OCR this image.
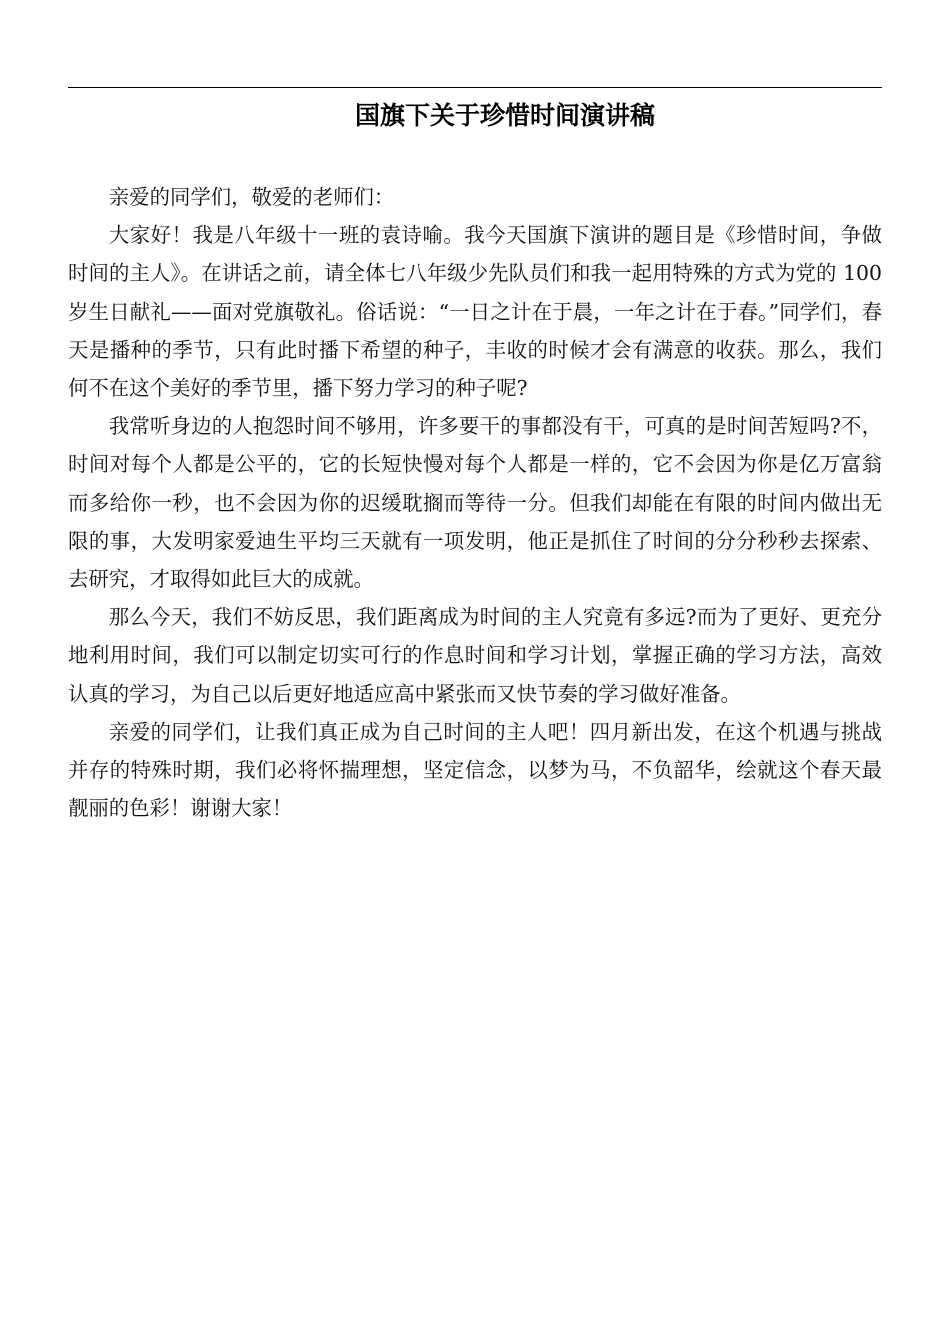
国旗下关于珍惜时间演讲稿

亲爱的同学们，敬爱的老师们：

大家好！我是八年级十一班的袁诗喻。我今天国旗下演讲的题目是《珍惜时间，争做时间的主人》。在讲话之前，请全体七八年级少先队员们和我一起用特殊的方式为党的 100 岁生日献礼——面对党旗敬礼。俗话说：“一日之计在于晨，一年之计在于春。”同学们，春天是播种的季节，只有此时播下希望的种子，丰收的时候才会有满意的收获。那么，我们何不在这个美好的季节里，播下努力学习的种子呢?

我常听身边的人抱怨时间不够用，许多要干的事都没有干，可真的是时间苦短吗?不，时间对每个人都是公平的，它的长短快慢对每个人都是一样的，它不会因为你是亿万富翁而多给你一秒，也不会因为你的迟缓耽搁而等待一分。但我们却能在有限的时间内做出无限的事，大发明家爱迪生平均三天就有一项发明，他正是抓住了时间的分分秒秒去探索、去研究，才取得如此巨大的成就。

那么今天，我们不妨反思，我们距离成为时间的主人究竟有多远?而为了更好、更充分地利用时间，我们可以制定切实可行的作息时间和学习计划，掌握正确的学习方法，高效认真的学习，为自己以后更好地适应高中紧张而又快节奏的学习做好准备。

亲爱的同学们，让我们真正成为自己时间的主人吧！四月新出发，在这个机遇与挑战并存的特殊时期，我们必将怀揣理想，坚定信念，以梦为马，不负韶华，绘就这个春天最靓丽的色彩！谢谢大家！
